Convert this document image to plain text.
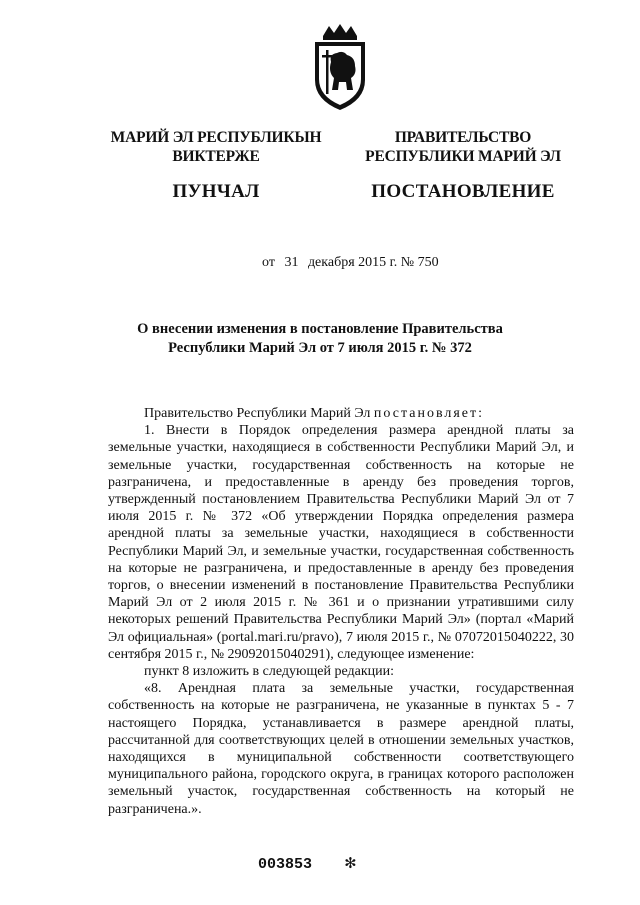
МАРИЙ ЭЛ РЕСПУБЛИКЫН
ВИКТЕРЖЕ
ПУНЧАЛ
ПРАВИТЕЛЬСТВО
РЕСПУБЛИКИ МАРИЙ ЭЛ
ПОСТАНОВЛЕНИЕ
от 31 декабря 2015 г. № 750
О внесении изменения в постановление Правительства
Республики Марий Эл от 7 июля 2015 г. № 372

Правительство Республики Марий Эл постановляет:

1. Внести в Порядок определения размера арендной платы за земельные участки, находящиеся в собственности Республики Марий Эл, и земельные участки, государственная собственность на которые не разграничена, и предоставленные в аренду без проведения торгов, утвержденный постановлением Правительства Республики Марий Эл от 7 июля 2015 г. № 372 «Об утверждении Порядка определения размера арендной платы за земельные участки, находящиеся в собственности Республики Марий Эл, и земельные участки, государственная собственность на которые не разграничена, и предоставленные в аренду без проведения торгов, о внесении изменений в постановление Правительства Республики Марий Эл от 2 июля 2015 г. № 361 и о признании утратившими силу некоторых решений Правительства Республики Марий Эл» (портал «Марий Эл официальная» (portal.mari.ru/pravo), 7 июля 2015 г., № 07072015040222, 30 сентября 2015 г., № 29092015040291), следующее изменение:

пункт 8 изложить в следующей редакции:

«8. Арендная плата за земельные участки, государственная собственность на которые не разграничена, не указанные в пунктах 5 - 7 настоящего Порядка, устанавливается в размере арендной платы, рассчитанной для соответствующих целей в отношении земельных участков, находящихся в муниципальной собственности соответствующего муниципального района, городского округа, в границах которого расположен земельный участок, государственная собственность на который не разграничена.».

003853 ✻
